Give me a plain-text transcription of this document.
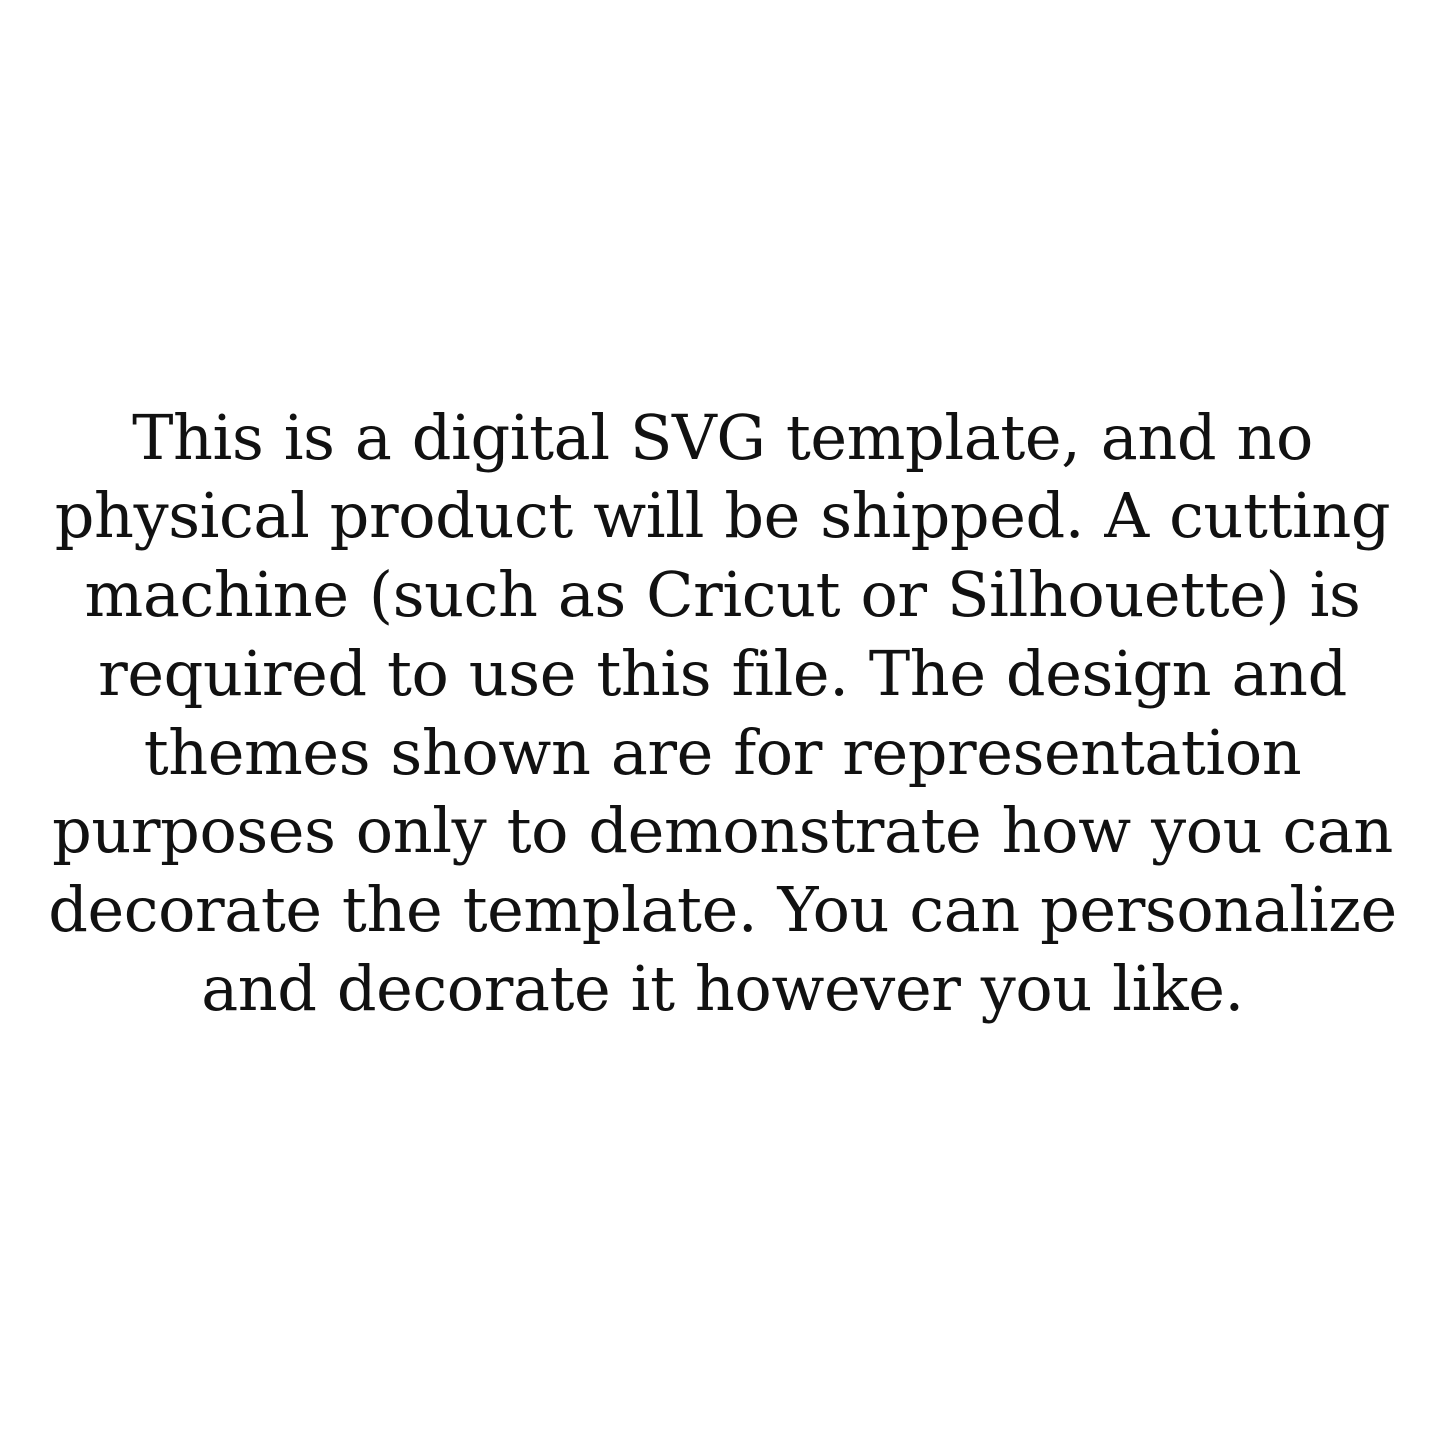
This is a digital SVG template, and no physical product will be shipped. A cutting machine (such as Cricut or Silhouette) is required to use this file. The design and themes shown are for representation purposes only to demonstrate how you can decorate the template. You can personalize and decorate it however you like.
